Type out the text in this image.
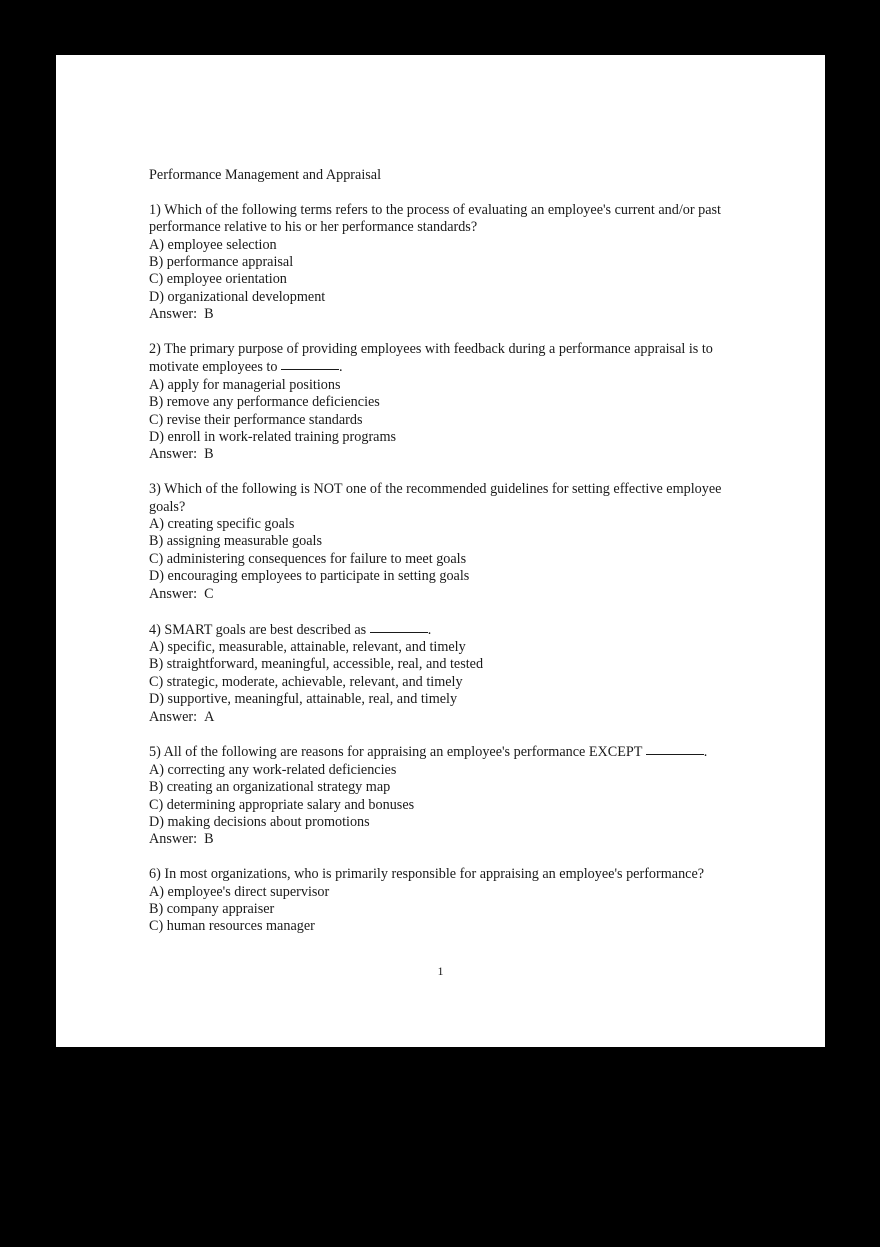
Performance Management and Appraisal

1) Which of the following terms refers to the process of evaluating an employee's current and/or past performance relative to his or her performance standards?

A) employee selection

B) performance appraisal

C) employee orientation

D) organizational development

Answer: B

2) The primary purpose of providing employees with feedback during a performance appraisal is to motivate employees to	.

A) apply for managerial positions

B) remove any performance deficiencies

C) revise their performance standards

D) enroll in work-related training programs

Answer: B

3) Which of the following is NOT one of the recommended guidelines for setting effective employee goals?

A) creating specific goals

B) assigning measurable goals

C) administering consequences for failure to meet goals

D) encouraging employees to participate in setting goals

Answer: C

4) SMART goals are best described as	.

A) specific, measurable, attainable, relevant, and timely

B) straightforward, meaningful, accessible, real, and tested

C) strategic, moderate, achievable, relevant, and timely

D) supportive, meaningful, attainable, real, and timely

Answer: A

5) All of the following are reasons for appraising an employee's performance EXCEPT	.

A) correcting any work-related deficiencies

B) creating an organizational strategy map

C) determining appropriate salary and bonuses

D) making decisions about promotions

Answer: B

6) In most organizations, who is primarily responsible for appraising an employee's performance?

A) employee's direct supervisor

B) company appraiser

C) human resources manager

1
